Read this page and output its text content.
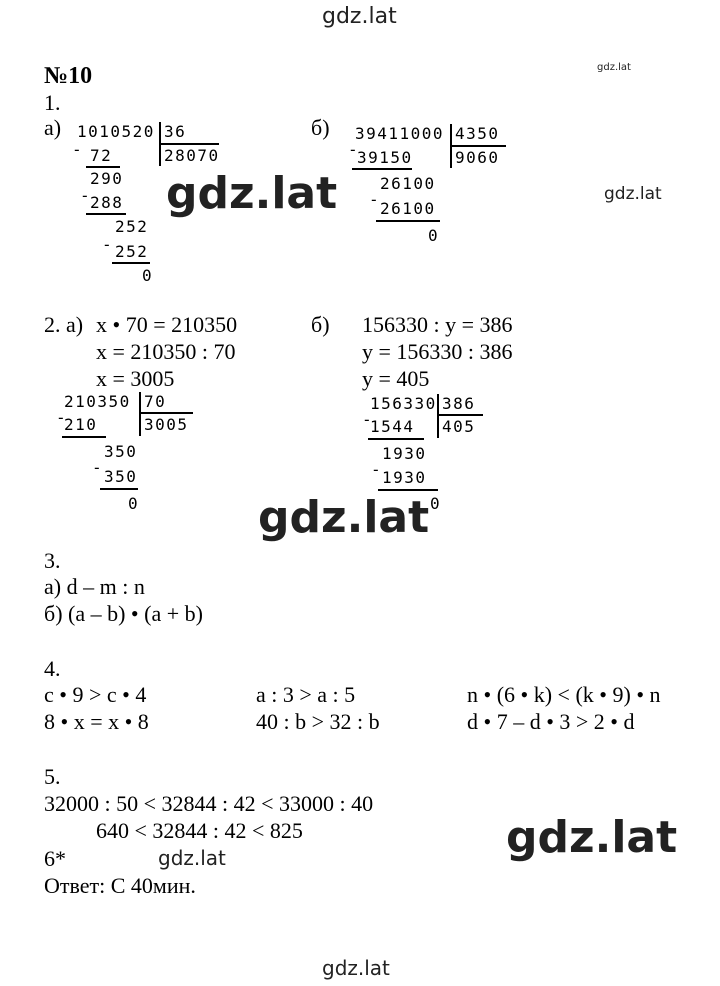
gdz.lat
gdz.lat
gdz.lat	gdz.lat
gdz.lat
gdz.lat
gdz.lat
gdz.lat
№10
1.
а) 1010520 36
28070
- 72
290
-
288
252
- 252
0
б) 39411000 4350
9060
-
39150
26100
- 26100
0
2. а) x • 70 = 210350
x = 210350 : 70
x = 3005
210350 70
3005
-
210
350
- 350
0
б) 156330 : y = 386
y = 156330 : 386
y = 405
156330 386
405
-
1544
1930
- 1930
0
3.
а) d – m : n
б) (a – b) • (a + b)
4.
c • 9 > c • 4	a : 3 > a : 5	n • (6 • k) < (k • 9) • n
8 • x = x • 8	40 : b > 32 : b	d • 7 – d • 3 > 2 • d
5.
32000 : 50 < 32844 : 42 < 33000 : 40
640 < 32844 : 42 < 825
6*
Ответ: С 40мин.
